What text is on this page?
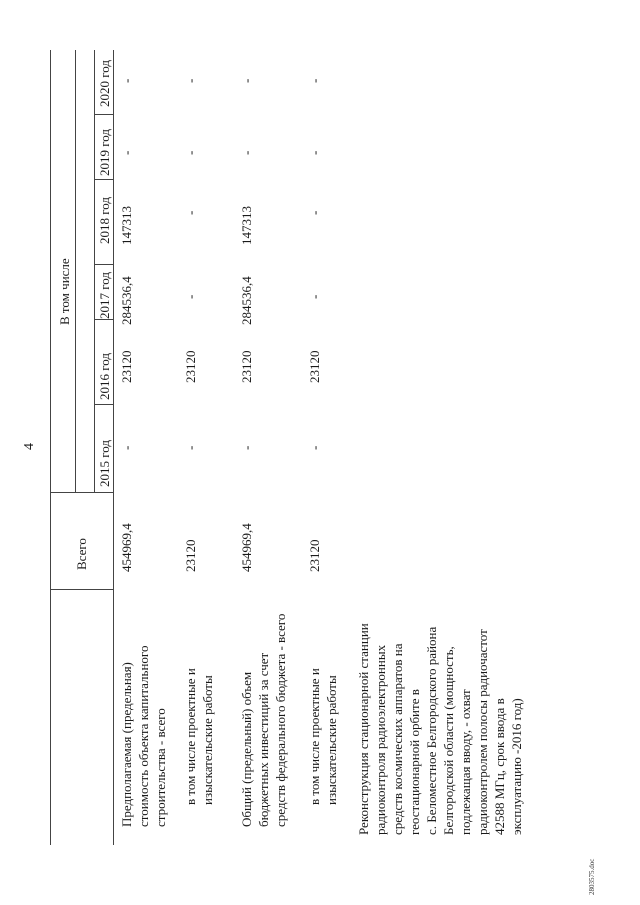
4
Всего
В том числе
2015 год
2016 год
2017 год
2018 год
2019 год
2020 год
Предполагаемая (предельная) стоимость объекта капитального строительства - всего
454969,4
-
23120
284536,4
147313
-
-
в том числе проектные и изыскательские работы
23120
-
23120
-
-
-
-
Общий (предельный) объем бюджетных инвестиций за счет средств федерального бюджета - всего
454969,4
-
23120
284536,4
147313
-
-
в том числе проектные и изыскательские работы
23120
-
23120
-
-
-
-
Реконструкция стационарной станции радиоконтроля радиоэлектронных средств космических аппаратов на геостационарной орбите в с. Беломестное Белгородского района Белгородской области (мощность, подлежащая вводу, - охват радиоконтролем полосы радиочастот 42588 МГц, срок ввода в эксплуатацию -2016 год)
2803575.doc
